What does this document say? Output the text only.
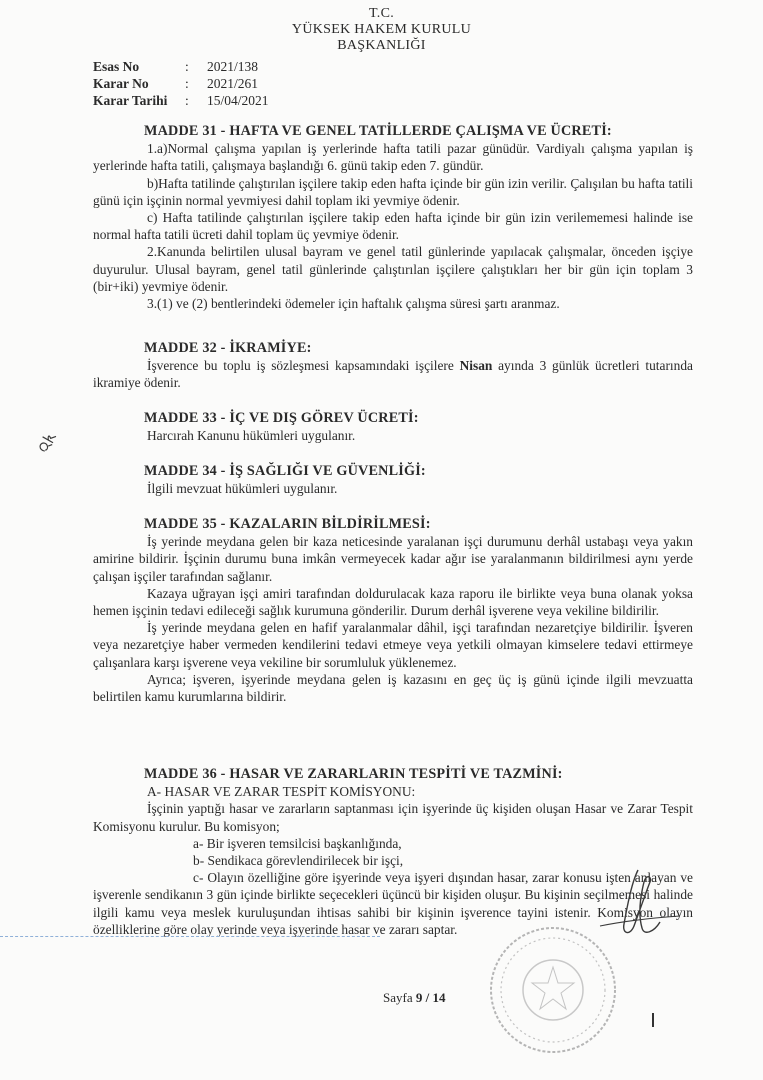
T.C.
YÜKSEK HAKEM KURULU
BAŞKANLIĞI
Esas No	:	2021/138
Karar No	:	2021/261
Karar Tarihi	:	15/04/2021
MADDE 31 - HAFTA VE GENEL TATİLLERDE ÇALIŞMA VE ÜCRETİ:

1.a)Normal çalışma yapılan iş yerlerinde hafta tatili pazar günüdür. Vardiyalı çalışma yapılan iş yerlerinde hafta tatili, çalışmaya başlandığı 6. günü takip eden 7. gündür.

b)Hafta tatilinde çalıştırılan işçilere takip eden hafta içinde bir gün izin verilir. Çalışılan bu hafta tatili günü için işçinin normal yevmiyesi dahil toplam iki yevmiye ödenir.

c) Hafta tatilinde çalıştırılan işçilere takip eden hafta içinde bir gün izin verilememesi halinde ise normal hafta tatili ücreti dahil toplam üç yevmiye ödenir.

2.Kanunda belirtilen ulusal bayram ve genel tatil günlerinde yapılacak çalışmalar, önceden işçiye duyurulur. Ulusal bayram, genel tatil günlerinde çalıştırılan işçilere çalıştıkları her bir gün için toplam 3 (bir+iki) yevmiye ödenir.

3.(1) ve (2) bentlerindeki ödemeler için haftalık çalışma süresi şartı aranmaz.

MADDE 32 - İKRAMİYE:

İşverence bu toplu iş sözleşmesi kapsamındaki işçilere Nisan ayında 3 günlük ücretleri tutarında ikramiye ödenir.

MADDE 33 - İÇ VE DIŞ GÖREV ÜCRETİ:

Harcırah Kanunu hükümleri uygulanır.

MADDE 34 - İŞ SAĞLIĞI VE GÜVENLİĞİ:

İlgili mevzuat hükümleri uygulanır.

MADDE 35 - KAZALARIN BİLDİRİLMESİ:

İş yerinde meydana gelen bir kaza neticesinde yaralanan işçi durumunu derhâl ustabaşı veya yakın amirine bildirir. İşçinin durumu buna imkân vermeyecek kadar ağır ise yaralanmanın bildirilmesi aynı yerde çalışan işçiler tarafından sağlanır.

Kazaya uğrayan işçi amiri tarafından doldurulacak kaza raporu ile birlikte veya buna olanak yoksa hemen işçinin tedavi edileceği sağlık kurumuna gönderilir. Durum derhâl işverene veya vekiline bildirilir.

İş yerinde meydana gelen en hafif yaralanmalar dâhil, işçi tarafından nezaretçiye bildirilir. İşveren veya nezaretçiye haber vermeden kendilerini tedavi etmeye veya yetkili olmayan kimselere tedavi ettirmeye çalışanlara karşı işverene veya vekiline bir sorumluluk yüklenemez.

Ayrıca; işveren, işyerinde meydana gelen iş kazasını en geç üç iş günü içinde ilgili mevzuatta belirtilen kamu kurumlarına bildirir.

MADDE 36 - HASAR VE ZARARLARIN TESPİTİ VE TAZMİNİ:
A- HASAR VE ZARAR TESPİT KOMİSYONU:

İşçinin yaptığı hasar ve zararların saptanması için işyerinde üç kişiden oluşan Hasar ve Zarar Tespit Komisyonu kurulur. Bu komisyon;

a- Bir işveren temsilcisi başkanlığında,
b- Sendikaca görevlendirilecek bir işçi,

c- Olayın özelliğine göre işyerinde veya işyeri dışından hasar, zarar konusu işten anlayan ve işverenle sendikanın 3 gün içinde birlikte seçecekleri üçüncü bir kişiden oluşur. Bu kişinin seçilmemesi halinde ilgili kamu veya meslek kuruluşundan ihtisas sahibi bir kişinin işverence tayini istenir. Komisyon olayın özelliklerine göre olay yerinde veya işyerinde hasar ve zararı saptar.

Sayfa 9 / 14
